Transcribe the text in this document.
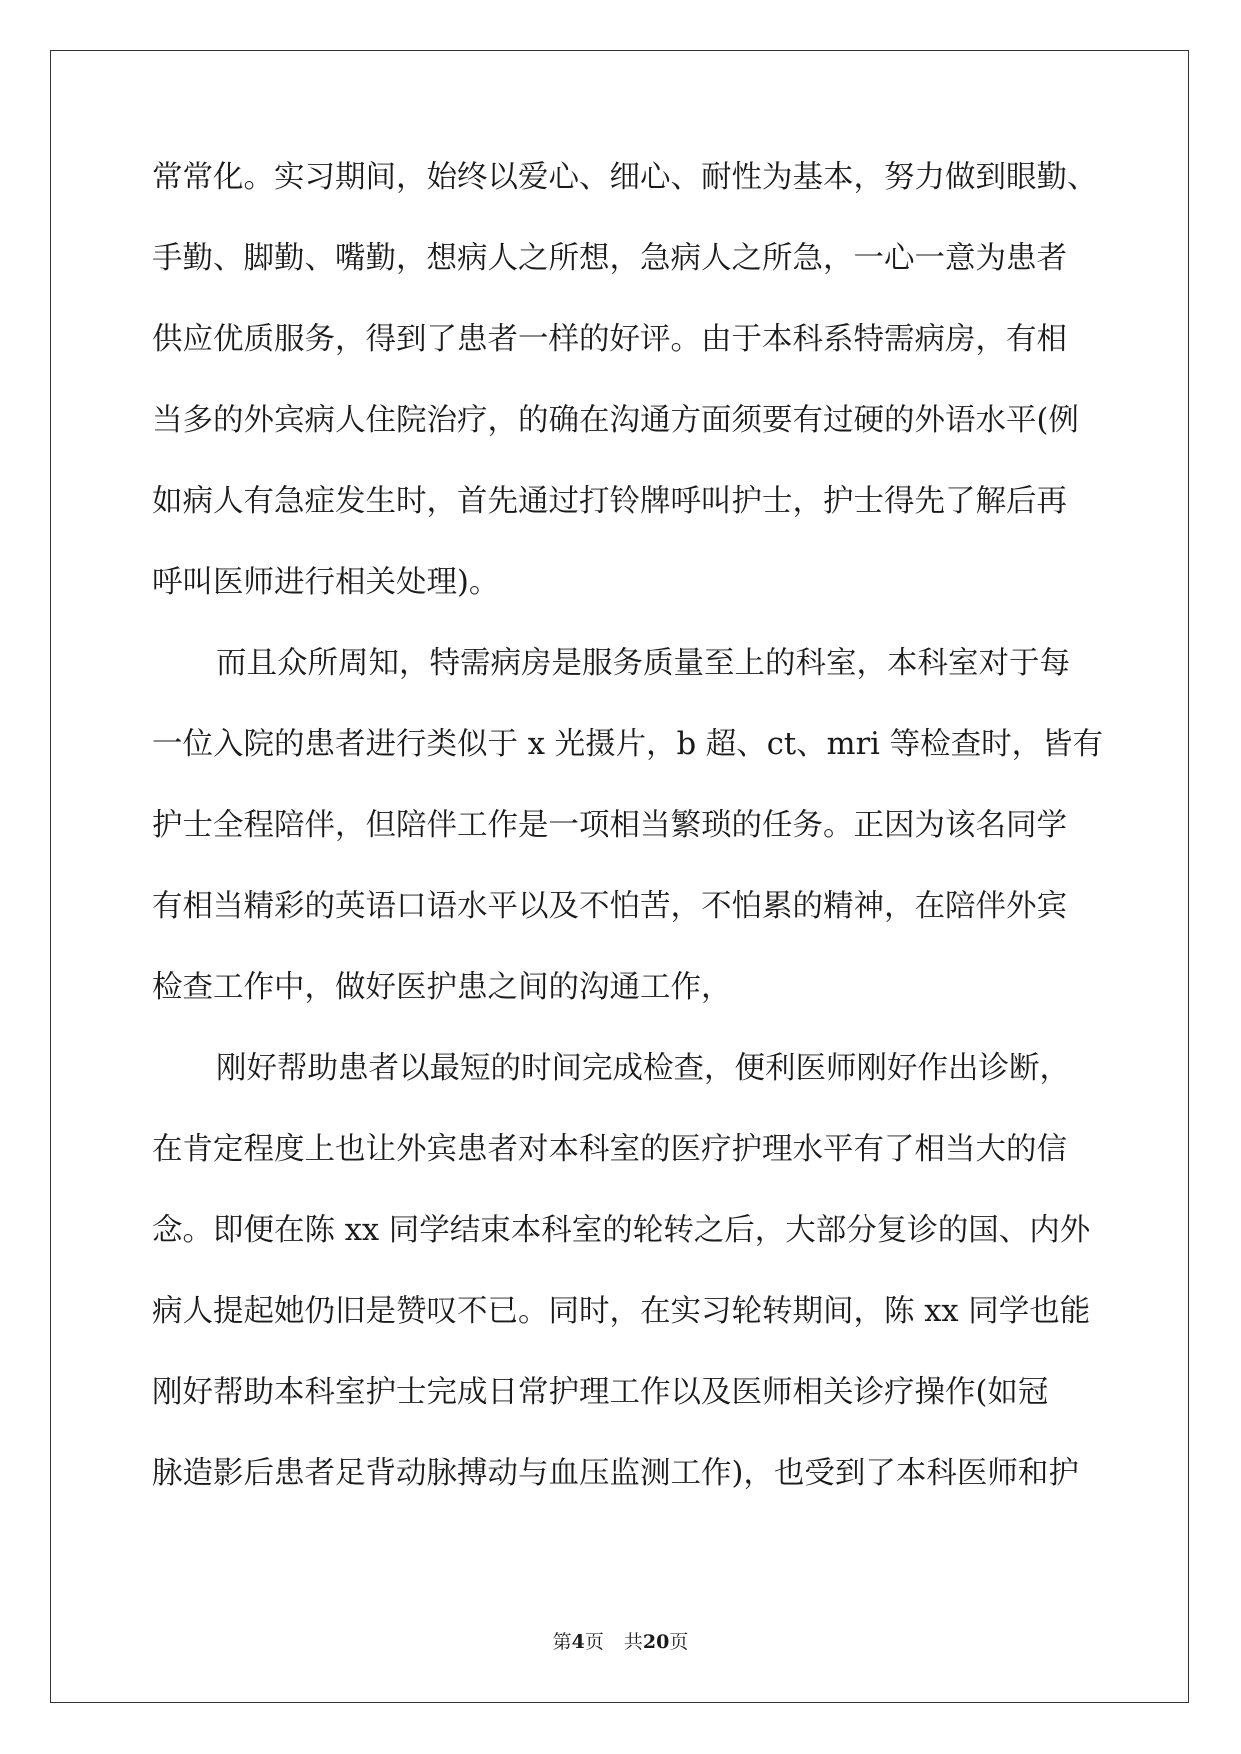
常常化。实习期间，始终以爱心、细心、耐性为基本，努力做到眼勤、
手勤、脚勤、嘴勤，想病人之所想，急病人之所急，一心一意为患者
供应优质服务，得到了患者一样的好评。由于本科系特需病房，有相
当多的外宾病人住院治疗，的确在沟通方面须要有过硬的外语水平(例
如病人有急症发生时，首先通过打铃牌呼叫护士，护士得先了解后再
呼叫医师进行相关处理)。
而且众所周知，特需病房是服务质量至上的科室，本科室对于每
一位入院的患者进行类似于 x 光摄片，b 超、ct、mri 等检查时，皆有
护士全程陪伴，但陪伴工作是一项相当繁琐的任务。正因为该名同学
有相当精彩的英语口语水平以及不怕苦，不怕累的精神，在陪伴外宾
检查工作中，做好医护患之间的沟通工作，
刚好帮助患者以最短的时间完成检查，便利医师刚好作出诊断，
在肯定程度上也让外宾患者对本科室的医疗护理水平有了相当大的信
念。即便在陈 xx 同学结束本科室的轮转之后，大部分复诊的国、内外
病人提起她仍旧是赞叹不已。同时，在实习轮转期间，陈 xx 同学也能
刚好帮助本科室护士完成日常护理工作以及医师相关诊疗操作(如冠
脉造影后患者足背动脉搏动与血压监测工作)，也受到了本科医师和护
第4页 共20页
